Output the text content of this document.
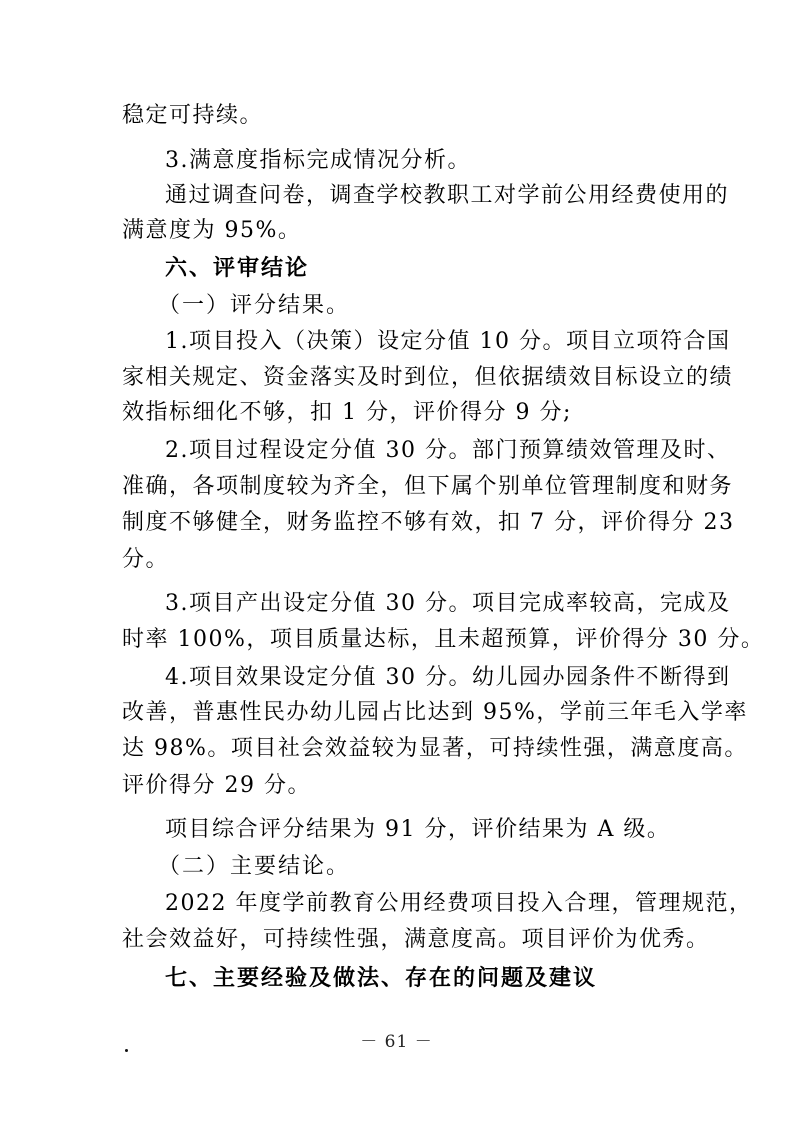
稳定可持续。
3.满意度指标完成情况分析。
通过调查问卷，调查学校教职工对学前公用经费使用的
满意度为 95%。
六、评审结论
（一）评分结果。
1.项目投入（决策）设定分值 10 分。项目立项符合国
家相关规定、资金落实及时到位，但依据绩效目标设立的绩
效指标细化不够，扣 1 分，评价得分 9 分;
2.项目过程设定分值 30 分。部门预算绩效管理及时、
准确，各项制度较为齐全，但下属个别单位管理制度和财务
制度不够健全，财务监控不够有效，扣 7 分，评价得分 23
分。
3.项目产出设定分值 30 分。项目完成率较高，完成及
时率 100%，项目质量达标，且未超预算，评价得分 30 分。
4.项目效果设定分值 30 分。幼儿园办园条件不断得到
改善，普惠性民办幼儿园占比达到 95%，学前三年毛入学率
达 98%。项目社会效益较为显著，可持续性强，满意度高。
评价得分 29 分。
项目综合评分结果为 91 分，评价结果为 A 级。
（二）主要结论。
2022 年度学前教育公用经费项目投入合理，管理规范，
社会效益好，可持续性强，满意度高。项目评价为优秀。
七、主要经验及做法、存在的问题及建议
－ 61 －
